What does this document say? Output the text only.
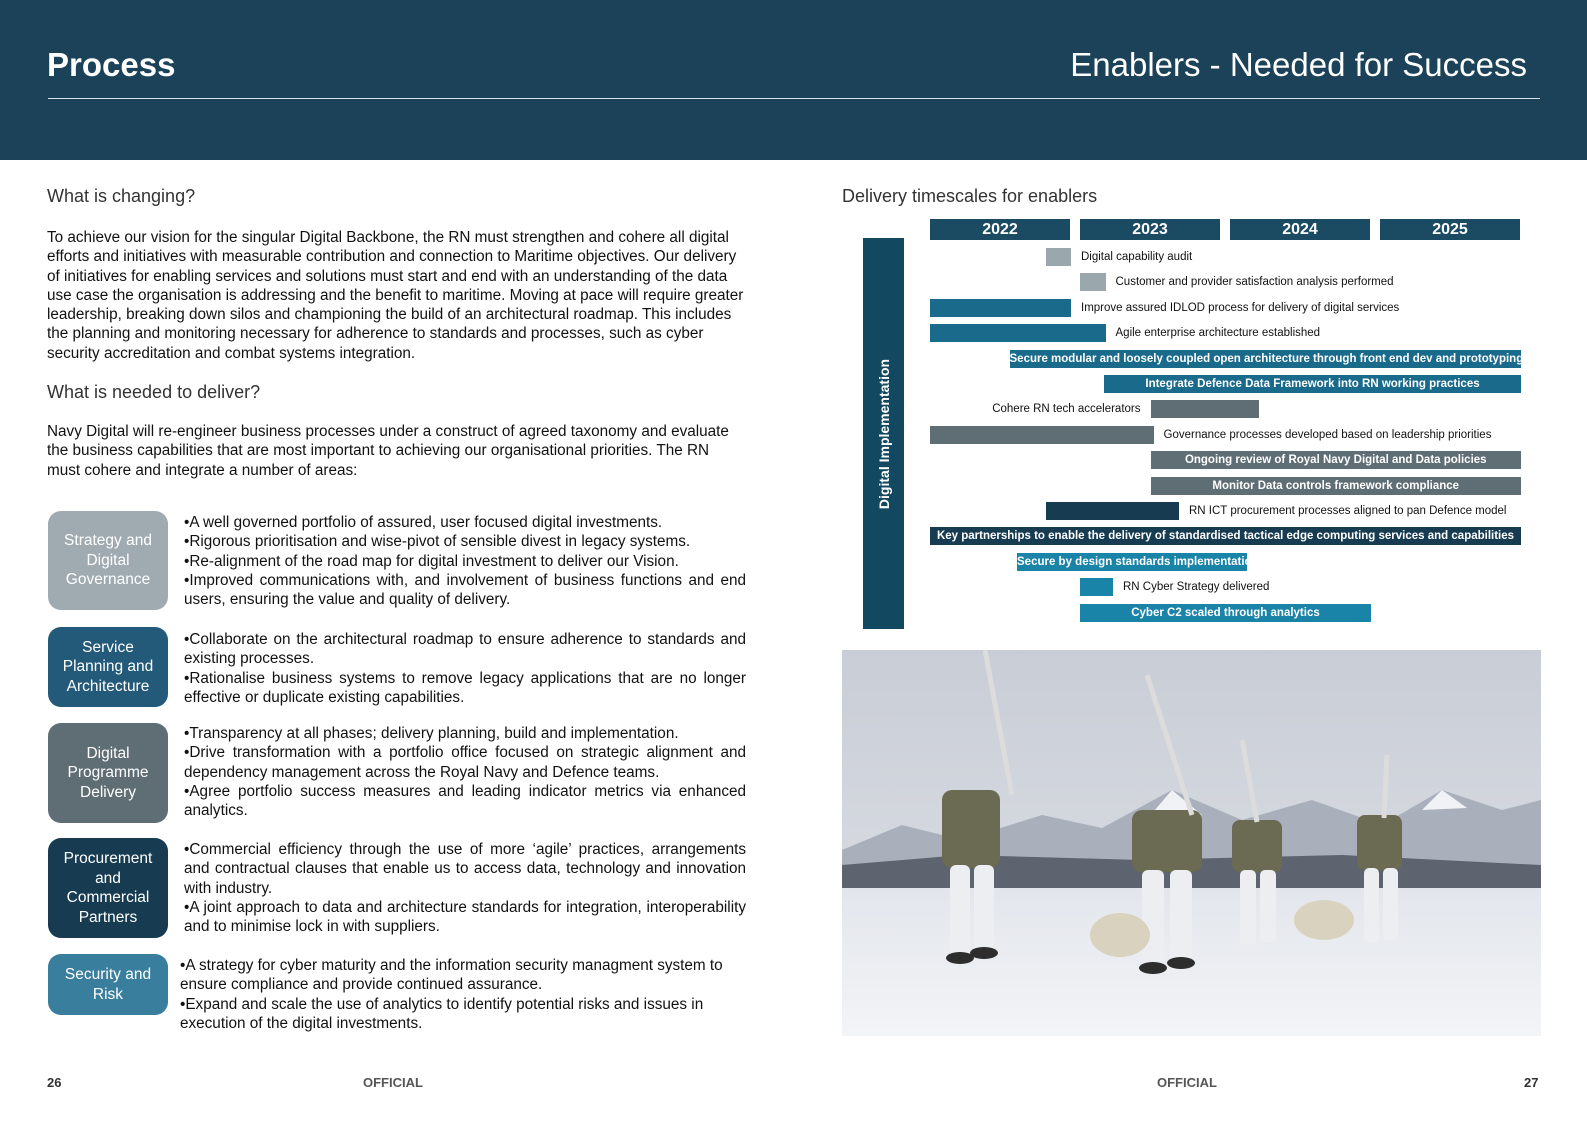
Process	Enablers - Needed for Success
What is changing?
To achieve our vision for the singular Digital Backbone, the RN must strengthen and cohere all digital efforts and initiatives with measurable contribution and connection to Maritime objectives. Our delivery of initiatives for enabling services and solutions must start and end with an understanding of the data use case the organisation is addressing and the benefit to maritime. Moving at pace will require greater leadership, breaking down silos and championing the build of an architectural roadmap. This includes the planning and monitoring necessary for adherence to standards and processes, such as cyber security accreditation and combat systems integration.
What is needed to deliver?
Navy Digital will re-engineer business processes under a construct of agreed taxonomy and evaluate the business capabilities that are most important to achieving our organisational priorities. The RN must cohere and integrate a number of areas:
Strategy and Digital Governance
•A well governed portfolio of assured, user focused digital investments.
•Rigorous prioritisation and wise-pivot of sensible divest in legacy systems.
•Re-alignment of the road map for digital investment to deliver our Vision.
•Improved communications with, and involvement of business functions and end users, ensuring the value and quality of delivery.
Service Planning and Architecture
•Collaborate on the architectural roadmap to ensure adherence to standards and existing processes.
•Rationalise business systems to remove legacy applications that are no longer effective or duplicate existing capabilities.
Digital Programme Delivery
•Transparency at all phases; delivery planning, build and implementation.
•Drive transformation with a portfolio office focused on strategic alignment and dependency management across the Royal Navy and Defence teams.
•Agree portfolio success measures and leading indicator metrics via enhanced analytics.
Procurement and Commercial Partners
•Commercial efficiency through the use of more ‘agile’ practices, arrangements and contractual clauses that enable us to access data, technology and innovation with industry.
•A joint approach to data and architecture standards for integration, interoperability and to minimise lock in with suppliers.
Security and Risk
•A strategy for cyber maturity and the information security managment system to ensure compliance and provide continued assurance.
•Expand and scale the use of analytics to identify potential risks and issues in execution of the digital investments.
Delivery timescales for enablers
2022	2023	2024	2025
Digital Implementation
Digital capability audit
Customer and provider satisfaction analysis performed
Improve assured IDLOD process for delivery of digital services
Agile enterprise architecture established
Secure modular and loosely coupled open architecture through front end dev and prototyping
Integrate Defence Data Framework into RN working practices
Cohere RN tech accelerators
Governance processes developed based on leadership priorities
Ongoing review of Royal Navy Digital and Data policies
Monitor Data controls framework compliance
RN ICT procurement processes aligned to pan Defence model
Key partnerships to enable the delivery of standardised tactical edge computing services and capabilities
Secure by design standards implementation
RN Cyber Strategy delivered
Cyber C2 scaled through analytics
26	OFFICIAL	OFFICIAL	27
